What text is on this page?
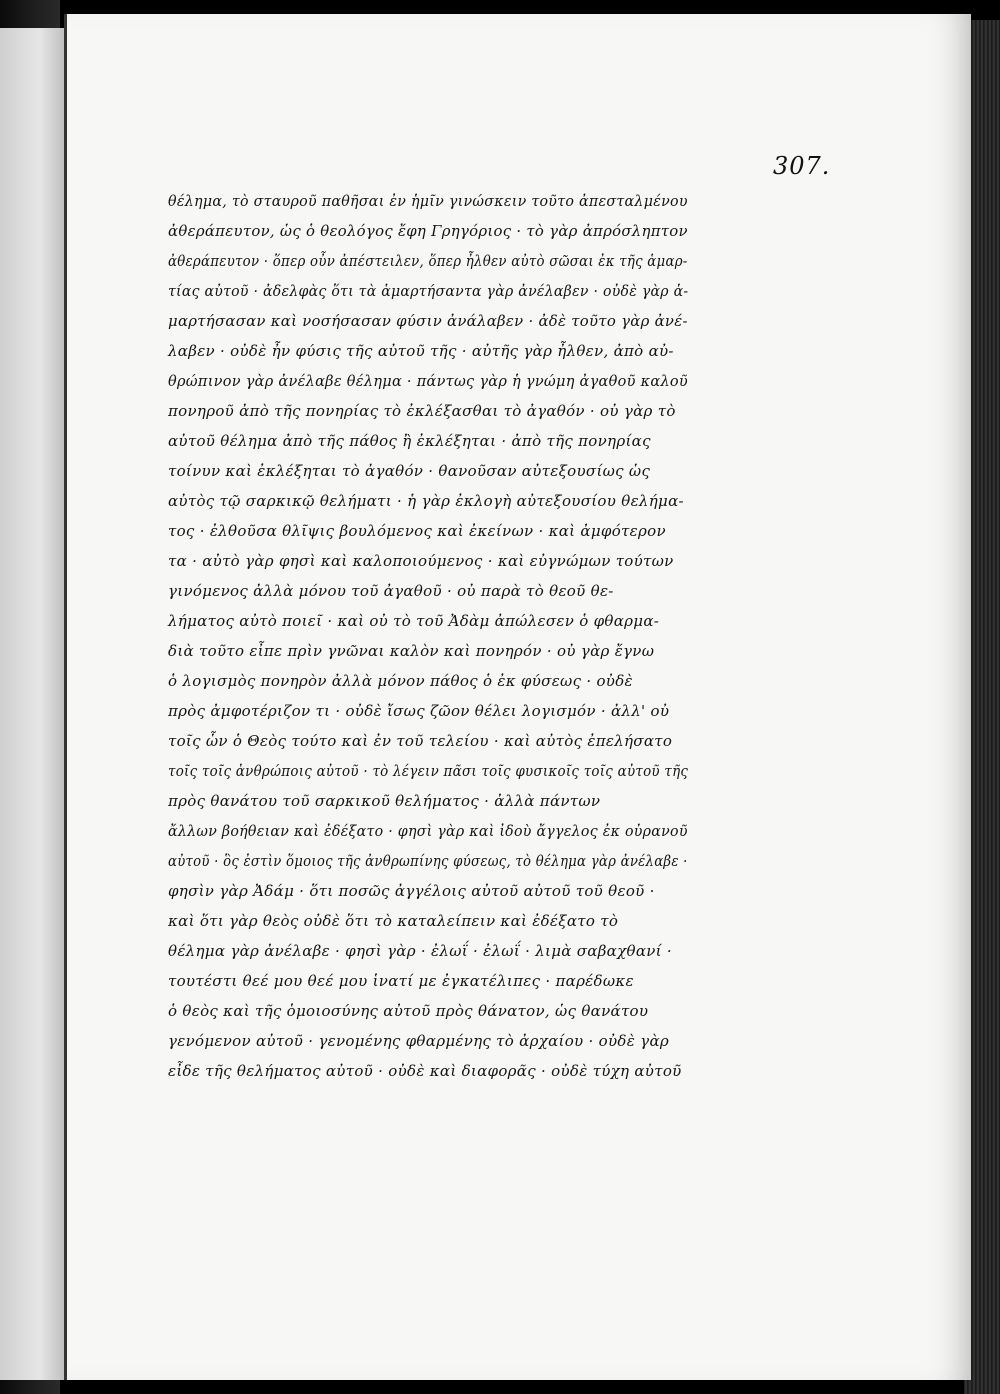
307.
θέλημα, τὸ σταυροῦ παθῆσαι ἐν ἡμῖν γινώσκειν τοῦτο ἀπεσταλμένου
ἀθεράπευτον, ὡς ὁ θεολόγος ἔφη Γρηγόριος · τὸ γὰρ ἀπρόσληπτον
ἀθεράπευτον · ὅπερ οὖν ἀπέστειλεν, ὅπερ ἦλθεν αὐτὸ σῶσαι ἐκ τῆς ἁμαρ-
τίας αὐτοῦ · ἀδελφὰς ὅτι τὰ ἁμαρτήσαντα γὰρ ἀνέλαβεν · οὐδὲ γὰρ ἁ-
μαρτήσασαν καὶ νοσήσασαν φύσιν ἀνάλαβεν · ἀδὲ τοῦτο γὰρ ἀνέ-
λαβεν · οὐδὲ ἦν φύσις τῆς αὐτοῦ τῆς · αὐτῆς γὰρ ἦλθεν, ἀπὸ αὐ-
θρώπινον γὰρ ἀνέλαβε θέλημα · πάντως γὰρ ἡ γνώμη ἀγαθοῦ καλοῦ
πονηροῦ ἀπὸ τῆς πονηρίας τὸ ἐκλέξασθαι τὸ ἀγαθόν · οὐ γὰρ τὸ
αὐτοῦ θέλημα ἀπὸ τῆς πάθος ἢ ἐκλέξηται · ἀπὸ τῆς πονηρίας
τοίνυν καὶ ἐκλέξηται τὸ ἀγαθόν · θανοῦσαν αὐτεξουσίως ὡς
αὐτὸς τῷ σαρκικῷ θελήματι · ἡ γὰρ ἐκλογὴ αὐτεξουσίου θελήμα-
τος · ἐλθοῦσα θλῖψις βουλόμενος καὶ ἐκείνων · καὶ ἀμφότερον
τα · αὐτὸ γὰρ φησὶ καὶ καλοποιούμενος · καὶ εὐγνώμων τούτων
γινόμενος ἀλλὰ μόνου τοῦ ἀγαθοῦ · οὐ παρὰ τὸ θεοῦ θε-
λήματος αὐτὸ ποιεῖ · καὶ οὐ τὸ τοῦ Ἀδὰμ ἀπώλεσεν ὁ φθαρμα-
διὰ τοῦτο εἶπε πρὶν γνῶναι καλὸν καὶ πονηρόν · οὐ γὰρ ἔγνω
ὁ λογισμὸς πονηρὸν ἀλλὰ μόνον πάθος ὁ ἐκ φύσεως · οὐδὲ
πρὸς ἀμφοτέριζον τι · οὐδὲ ἴσως ζῶον θέλει λογισμόν · ἀλλ' οὐ
τοῖς ὧν ὁ Θεὸς τούτο καὶ ἐν τοῦ τελείου · καὶ αὐτὸς ἐπελήσατο
τοῖς τοῖς ἀνθρώποις αὐτοῦ · τὸ λέγειν πᾶσι τοῖς φυσικοῖς τοῖς αὐτοῦ τῆς
πρὸς θανάτου τοῦ σαρκικοῦ θελήματος · ἀλλὰ πάντων
ἄλλων βοήθειαν καὶ ἐδέξατο · φησὶ γὰρ καὶ ἰδοὺ ἄγγελος ἐκ οὐρανοῦ
αὐτοῦ · ὃς ἐστὶν ὅμοιος τῆς ἀνθρωπίνης φύσεως, τὸ θέλημα γὰρ ἀνέλαβε ·
φησὶν γὰρ Ἀδάμ · ὅτι ποσῶς ἀγγέλοις αὐτοῦ αὐτοῦ τοῦ θεοῦ ·
καὶ ὅτι γὰρ θεὸς οὐδὲ ὅτι τὸ καταλείπειν καὶ ἐδέξατο τὸ
θέλημα γὰρ ἀνέλαβε · φησὶ γὰρ · ἐλωΐ · ἐλωΐ · λιμὰ σαβαχθανί ·
τουτέστι θεέ μου θεέ μου ἱνατί με ἐγκατέλιπες · παρέδωκε
ὁ θεὸς καὶ τῆς ὁμοιοσύνης αὐτοῦ πρὸς θάνατον, ὡς θανάτου
γενόμενον αὐτοῦ · γενομένης φθαρμένης τὸ ἀρχαίου · οὐδὲ γὰρ
εἶδε τῆς θελήματος αὐτοῦ · οὐδὲ καὶ διαφορᾶς · οὐδὲ τύχη αὐτοῦ
